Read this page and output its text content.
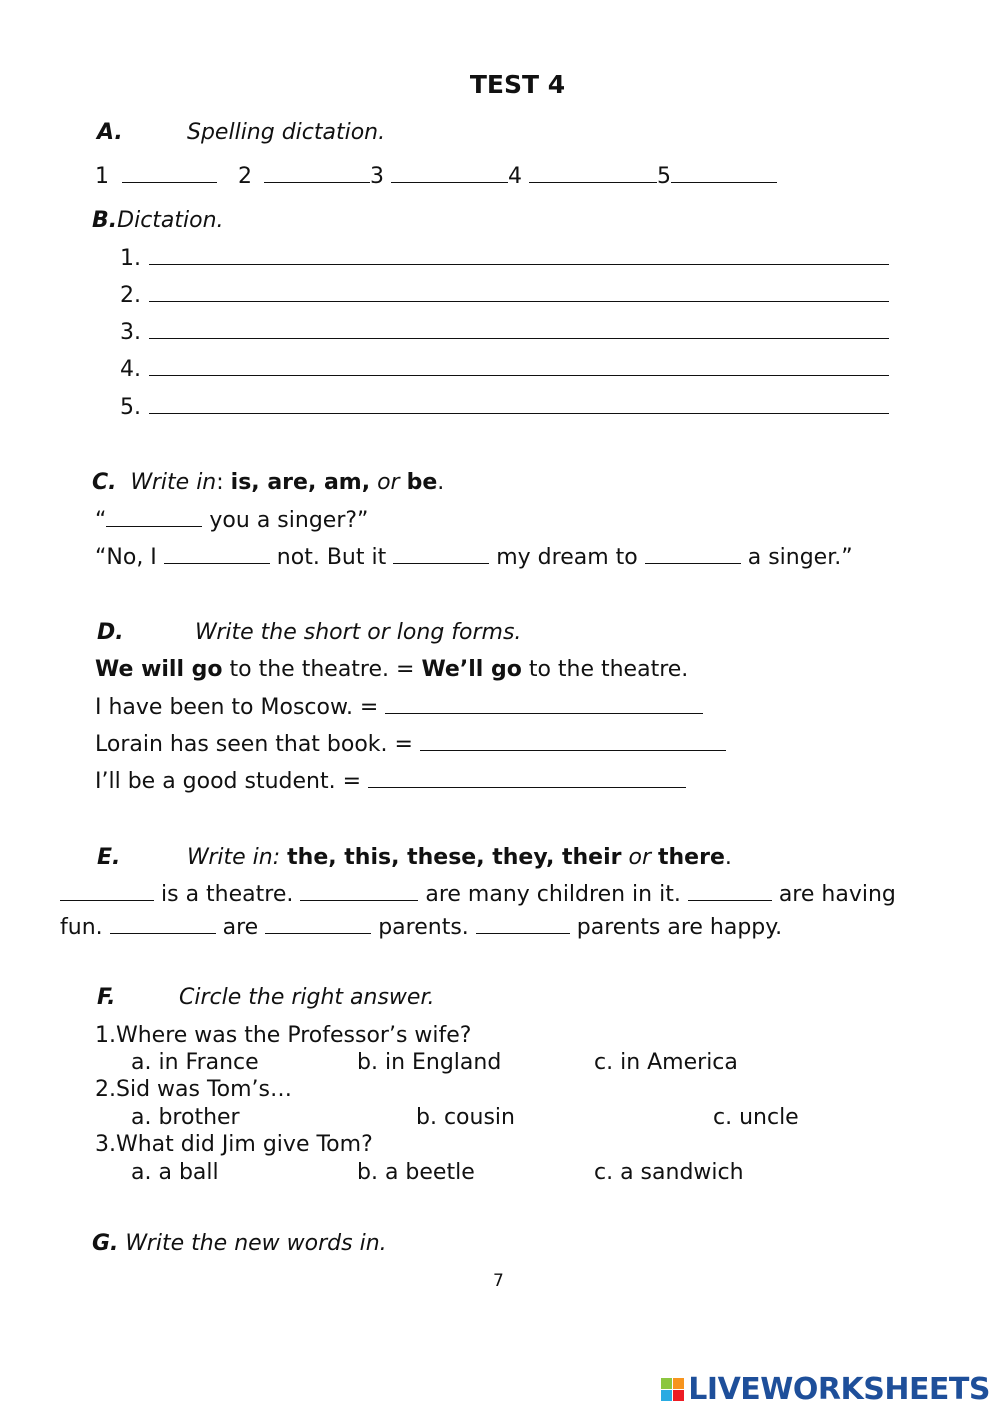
TEST 4
A.	Spelling dictation.
1	2	3	4	5
B.Dictation.
1.
2.
3.
4.
5.
C. Write in: is, are, am, or be.
“	you a singer?”
“No, I	not. But it	my dream to	a singer.”
D.	Write the short or long forms.
We will go to the theatre. = We’ll go to the theatre.
I have been to Moscow. =
Lorain has seen that book. =
I’ll be a good student. =
E.	Write in: the, this, these, they, their or there.
is a theatre.	are many children in it.	are having
fun.	are	parents.	parents are happy.
F.	Circle the right answer.
1.Where was the Professor’s wife?
a. in France	b. in England	c. in America
2.Sid was Tom’s…
a. brother	b. cousin	c. uncle
3.What did Jim give Tom?
a. a ball	b. a beetle	c. a sandwich
G. Write the new words in.
7
LIVEWORKSHEETS
